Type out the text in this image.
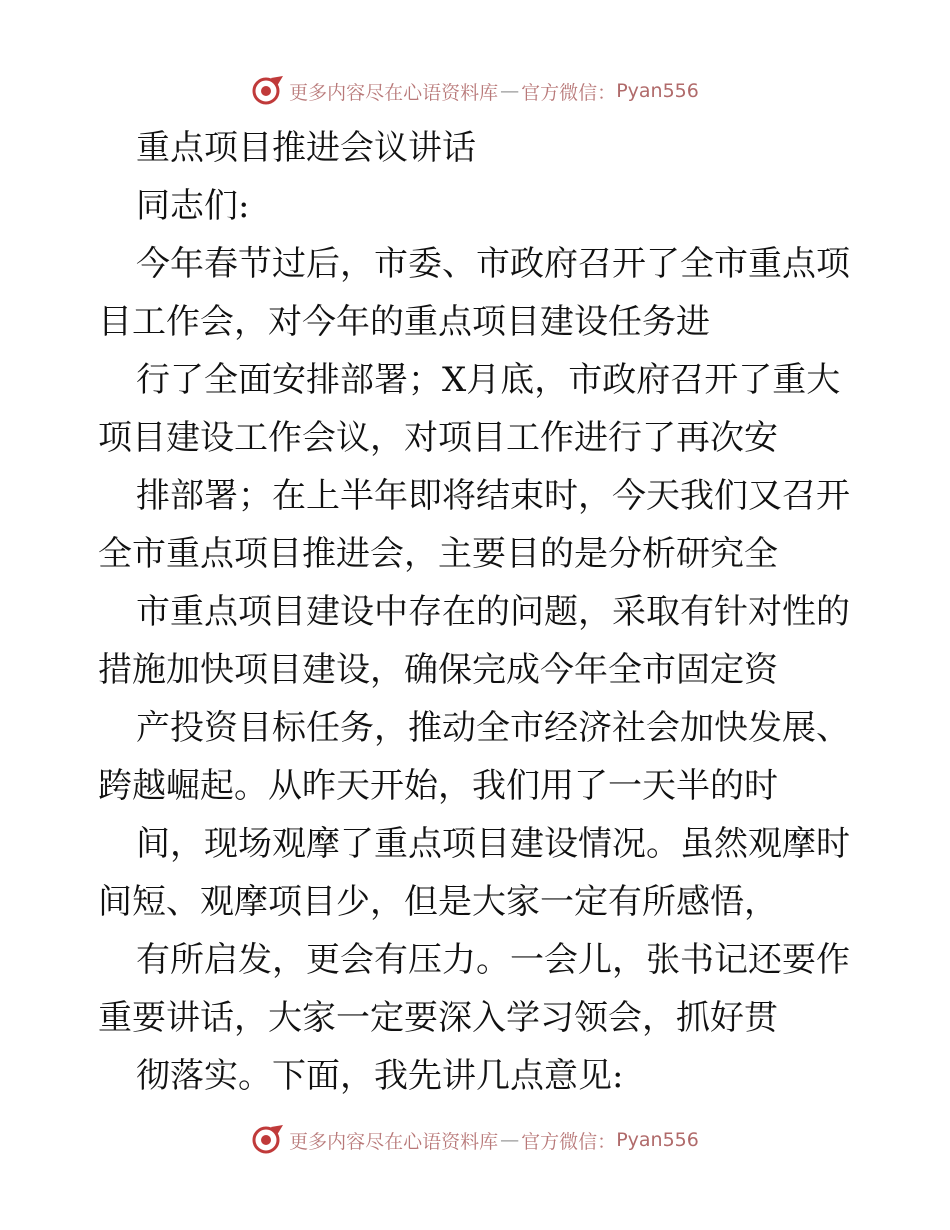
更多内容尽在心语资料库 — 官方微信： Pyan556
重点项目推进会议讲话
同志们:
今年春节过后，市委、市政府召开了全市重点项
目工作会，对今年的重点项目建设任务进
行了全面安排部署；X月底，市政府召开了重大
项目建设工作会议，对项目工作进行了再次安
排部署；在上半年即将结束时，今天我们又召开
全市重点项目推进会，主要目的是分析研究全
市重点项目建设中存在的问题，采取有针对性的
措施加快项目建设，确保完成今年全市固定资
产投资目标任务，推动全市经济社会加快发展、
跨越崛起。从昨天开始，我们用了一天半的时
间，现场观摩了重点项目建设情况。虽然观摩时
间短、观摩项目少，但是大家一定有所感悟，
有所启发，更会有压力。一会儿，张书记还要作
重要讲话，大家一定要深入学习领会，抓好贯
彻落实。下面，我先讲几点意见:
更多内容尽在心语资料库 — 官方微信： Pyan556
